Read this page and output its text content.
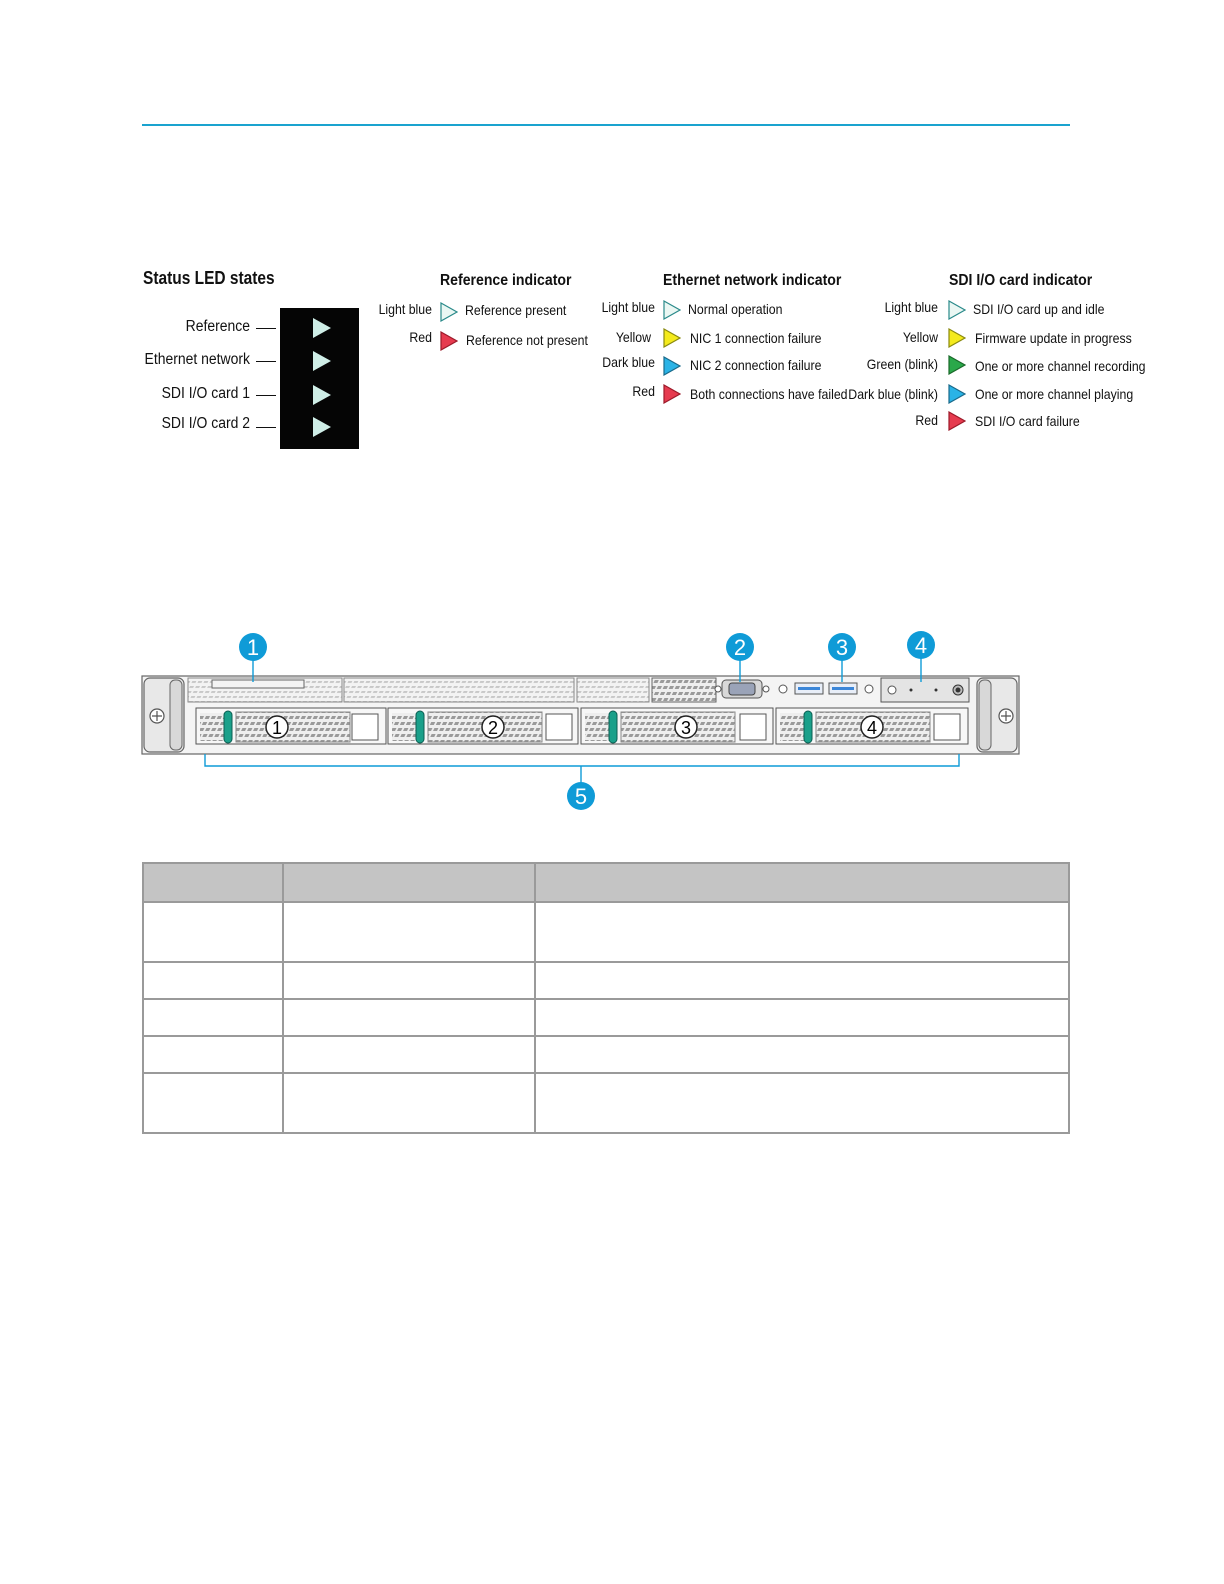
Status LED states
Reference
Ethernet network
SDI I/O card 1
SDI I/O card 2
Reference indicator
Light blue Reference present
Red Reference not present
Ethernet network indicator
Light blue Normal operation
Yellow	NIC 1 connection failure
Dark blue	NIC 2 connection failure
Red	Both connections have failed
SDI I/O card indicator
Light blue	SDI I/O card up and idle
Yellow	Firmware update in progress
Green (blink)	One or more channel recording
Dark blue (blink)	One or more channel playing
Red	SDI I/O card failure
1	2	3	4
1	2	3	4
5
